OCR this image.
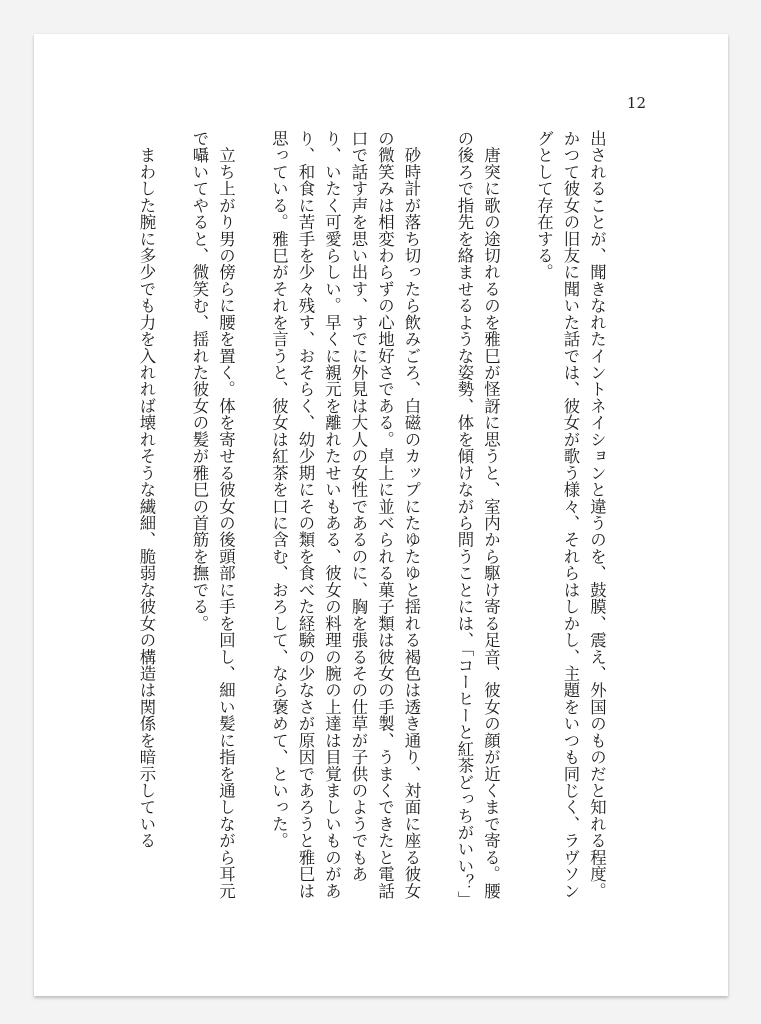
12

出されることが、聞きなれたイントネイションと違うのを、鼓膜、震え、外国のものだと知れる程度。かつて彼女の旧友に聞いた話では、彼女が歌う様々、それらはしかし、主題をいつも同じく、ラヴソングとして存在する。

　唐突に歌の途切れるのを雅巳が怪訝に思うと、室内から駆け寄る足音、彼女の顔が近くまで寄る。腰の後ろで指先を絡ませるような姿勢、体を傾けながら問うことには、「コーヒーと紅茶どっちがいい？」

　砂時計が落ち切ったら飲みごろ、白磁のカップにたゆたゆと揺れる褐色は透き通り、対面に座る彼女の微笑みは相変わらずの心地好さである。卓上に並べられる菓子類は彼女の手製、うまくできたと電話口で話す声を思い出す、すでに外見は大人の女性であるのに、胸を張るその仕草が子供のようでもあり、いたく可愛らしい。早くに親元を離れたせいもある、彼女の料理の腕の上達は目覚ましいものがあり、和食に苦手を少々残す、おそらく、幼少期にその類を食べた経験の少なさが原因であろうと雅巳は思っている。雅巳がそれを言うと、彼女は紅茶を口に含む、おろして、なら褒めて、といった。

　立ち上がり男の傍らに腰を置く。体を寄せる彼女の後頭部に手を回し、細い髪に指を通しながら耳元で囁いてやると、微笑む、揺れた彼女の髪が雅巳の首筋を撫でる。

　まわした腕に多少でも力を入れれば壊れそうな繊細、脆弱な彼女の構造は関係を暗示している
